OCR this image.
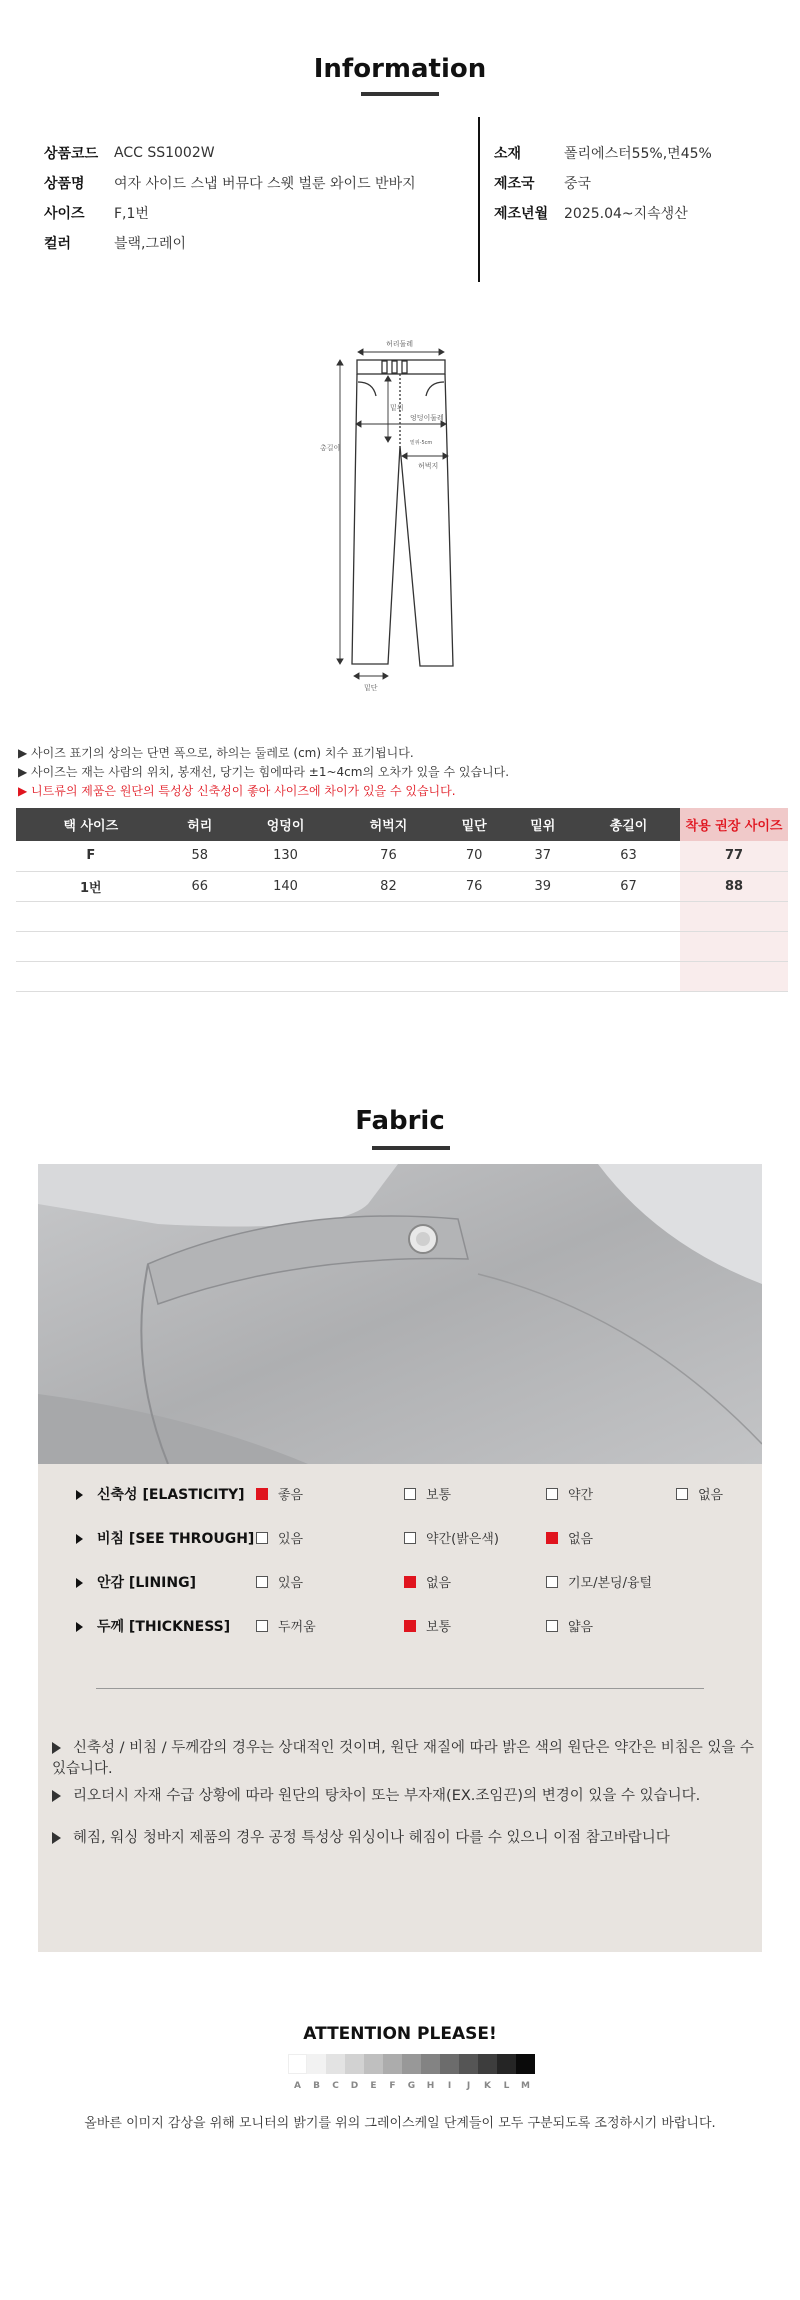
Information
상품코드	ACC SS1002W
상품명	여자 사이드 스냅 버뮤다 스웻 벌룬 와이드 반바지
사이즈	F,1번
컬러	블랙,그레이
소재	폴리에스터55%,면45%
제조국	중국
제조년월	2025.04~지속생산
허리둘레
밑위
엉덩이둘레
밑위-5cm
허벅지
총길이
밑단
▶ 사이즈 표기의 상의는 단면 폭으로, 하의는 둘레로 (cm) 치수 표기됩니다.
▶ 사이즈는 재는 사람의 위치, 봉재선, 당기는 힘에따라 ±1~4cm의 오차가 있을 수 있습니다.
▶ 니트류의 제품은 원단의 특성상 신축성이 좋아 사이즈에 차이가 있을 수 있습니다.
택 사이즈	허리	엉덩이	허벅지	밑단	밑위	총길이	착용 권장 사이즈
F	58	130	76	70	37	63	77
1번	66	140	82	76	39	67	88

Fabric
신축성 [ELASTICITY]	좋음	보통	약간	없음
비침 [SEE THROUGH]	있음	약간(밝은색)	없음
안감 [LINING]	있음	없음	기모/본딩/융털
두께 [THICKNESS]	두꺼움	보통	얇음
신축성 / 비침 / 두께감의 경우는 상대적인 것이며, 원단 재질에 따라 밝은 색의 원단은 약간은 비침은 있을 수 있습니다.
리오더시 자재 수급 상황에 따라 원단의 탕차이 또는 부자재(EX.조임끈)의 변경이 있을 수 있습니다.
헤짐, 워싱 청바지 제품의 경우 공정 특성상 워싱이나 헤짐이 다를 수 있으니 이점 참고바랍니다
ATTENTION PLEASE!
A	B	C	D	E	F	G	H	I	J	K	L	M
올바른 이미지 감상을 위해 모니터의 밝기를 위의 그레이스케일 단계들이 모두 구분되도록 조정하시기 바랍니다.
